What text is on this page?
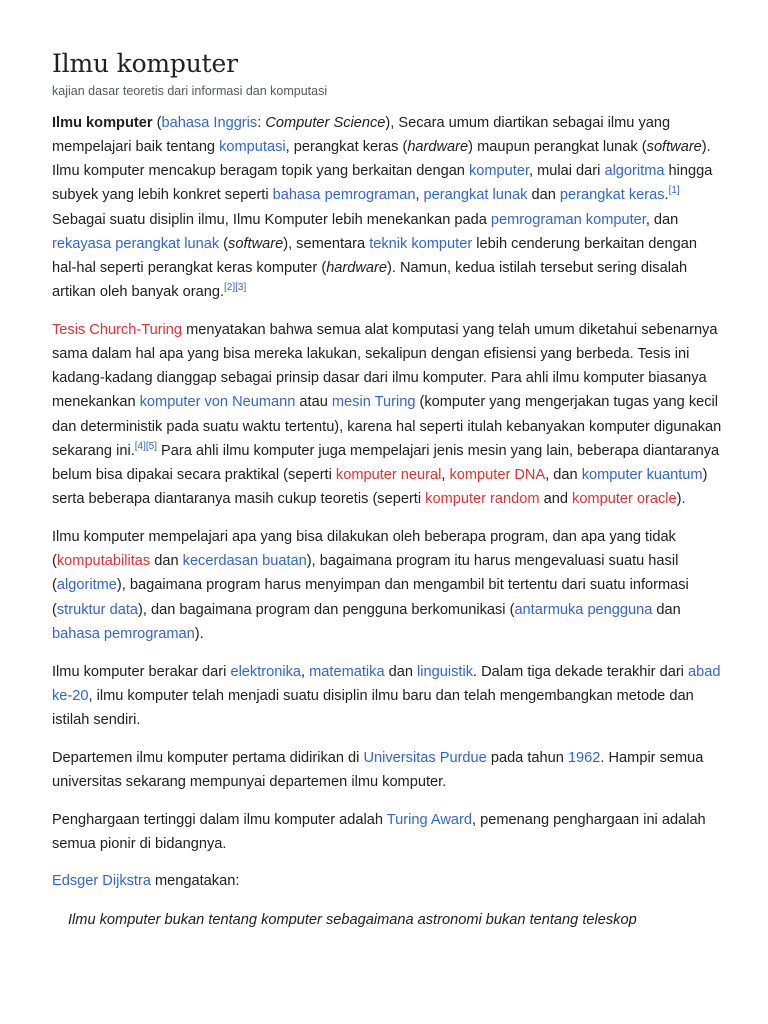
Ilmu komputer
kajian dasar teoretis dari informasi dan komputasi

Ilmu komputer (bahasa Inggris: Computer Science), Secara umum diartikan sebagai ilmu yang mempelajari baik tentang komputasi, perangkat keras (hardware) maupun perangkat lunak (software). Ilmu komputer mencakup beragam topik yang berkaitan dengan komputer, mulai dari algoritma hingga subyek yang lebih konkret seperti bahasa pemrograman, perangkat lunak dan perangkat keras.[1] Sebagai suatu disiplin ilmu, Ilmu Komputer lebih menekankan pada pemrograman komputer, dan rekayasa perangkat lunak (software), sementara teknik komputer lebih cenderung berkaitan dengan hal-hal seperti perangkat keras komputer (hardware). Namun, kedua istilah tersebut sering disalah artikan oleh banyak orang.[2][3]

Tesis Church-Turing menyatakan bahwa semua alat komputasi yang telah umum diketahui sebenarnya sama dalam hal apa yang bisa mereka lakukan, sekalipun dengan efisiensi yang berbeda. Tesis ini kadang-kadang dianggap sebagai prinsip dasar dari ilmu komputer. Para ahli ilmu komputer biasanya menekankan komputer von Neumann atau mesin Turing (komputer yang mengerjakan tugas yang kecil dan deterministik pada suatu waktu tertentu), karena hal seperti itulah kebanyakan komputer digunakan sekarang ini.[4][5] Para ahli ilmu komputer juga mempelajari jenis mesin yang lain, beberapa diantaranya belum bisa dipakai secara praktikal (seperti komputer neural, komputer DNA, dan komputer kuantum) serta beberapa diantaranya masih cukup teoretis (seperti komputer random and komputer oracle).

Ilmu komputer mempelajari apa yang bisa dilakukan oleh beberapa program, dan apa yang tidak (komputabilitas dan kecerdasan buatan), bagaimana program itu harus mengevaluasi suatu hasil (algoritme), bagaimana program harus menyimpan dan mengambil bit tertentu dari suatu informasi (struktur data), dan bagaimana program dan pengguna berkomunikasi (antarmuka pengguna dan bahasa pemrograman).

Ilmu komputer berakar dari elektronika, matematika dan linguistik. Dalam tiga dekade terakhir dari abad ke-20, ilmu komputer telah menjadi suatu disiplin ilmu baru dan telah mengembangkan metode dan istilah sendiri.

Departemen ilmu komputer pertama didirikan di Universitas Purdue pada tahun 1962. Hampir semua universitas sekarang mempunyai departemen ilmu komputer.

Penghargaan tertinggi dalam ilmu komputer adalah Turing Award, pemenang penghargaan ini adalah semua pionir di bidangnya.

Edsger Dijkstra mengatakan:

Ilmu komputer bukan tentang komputer sebagaimana astronomi bukan tentang teleskop
